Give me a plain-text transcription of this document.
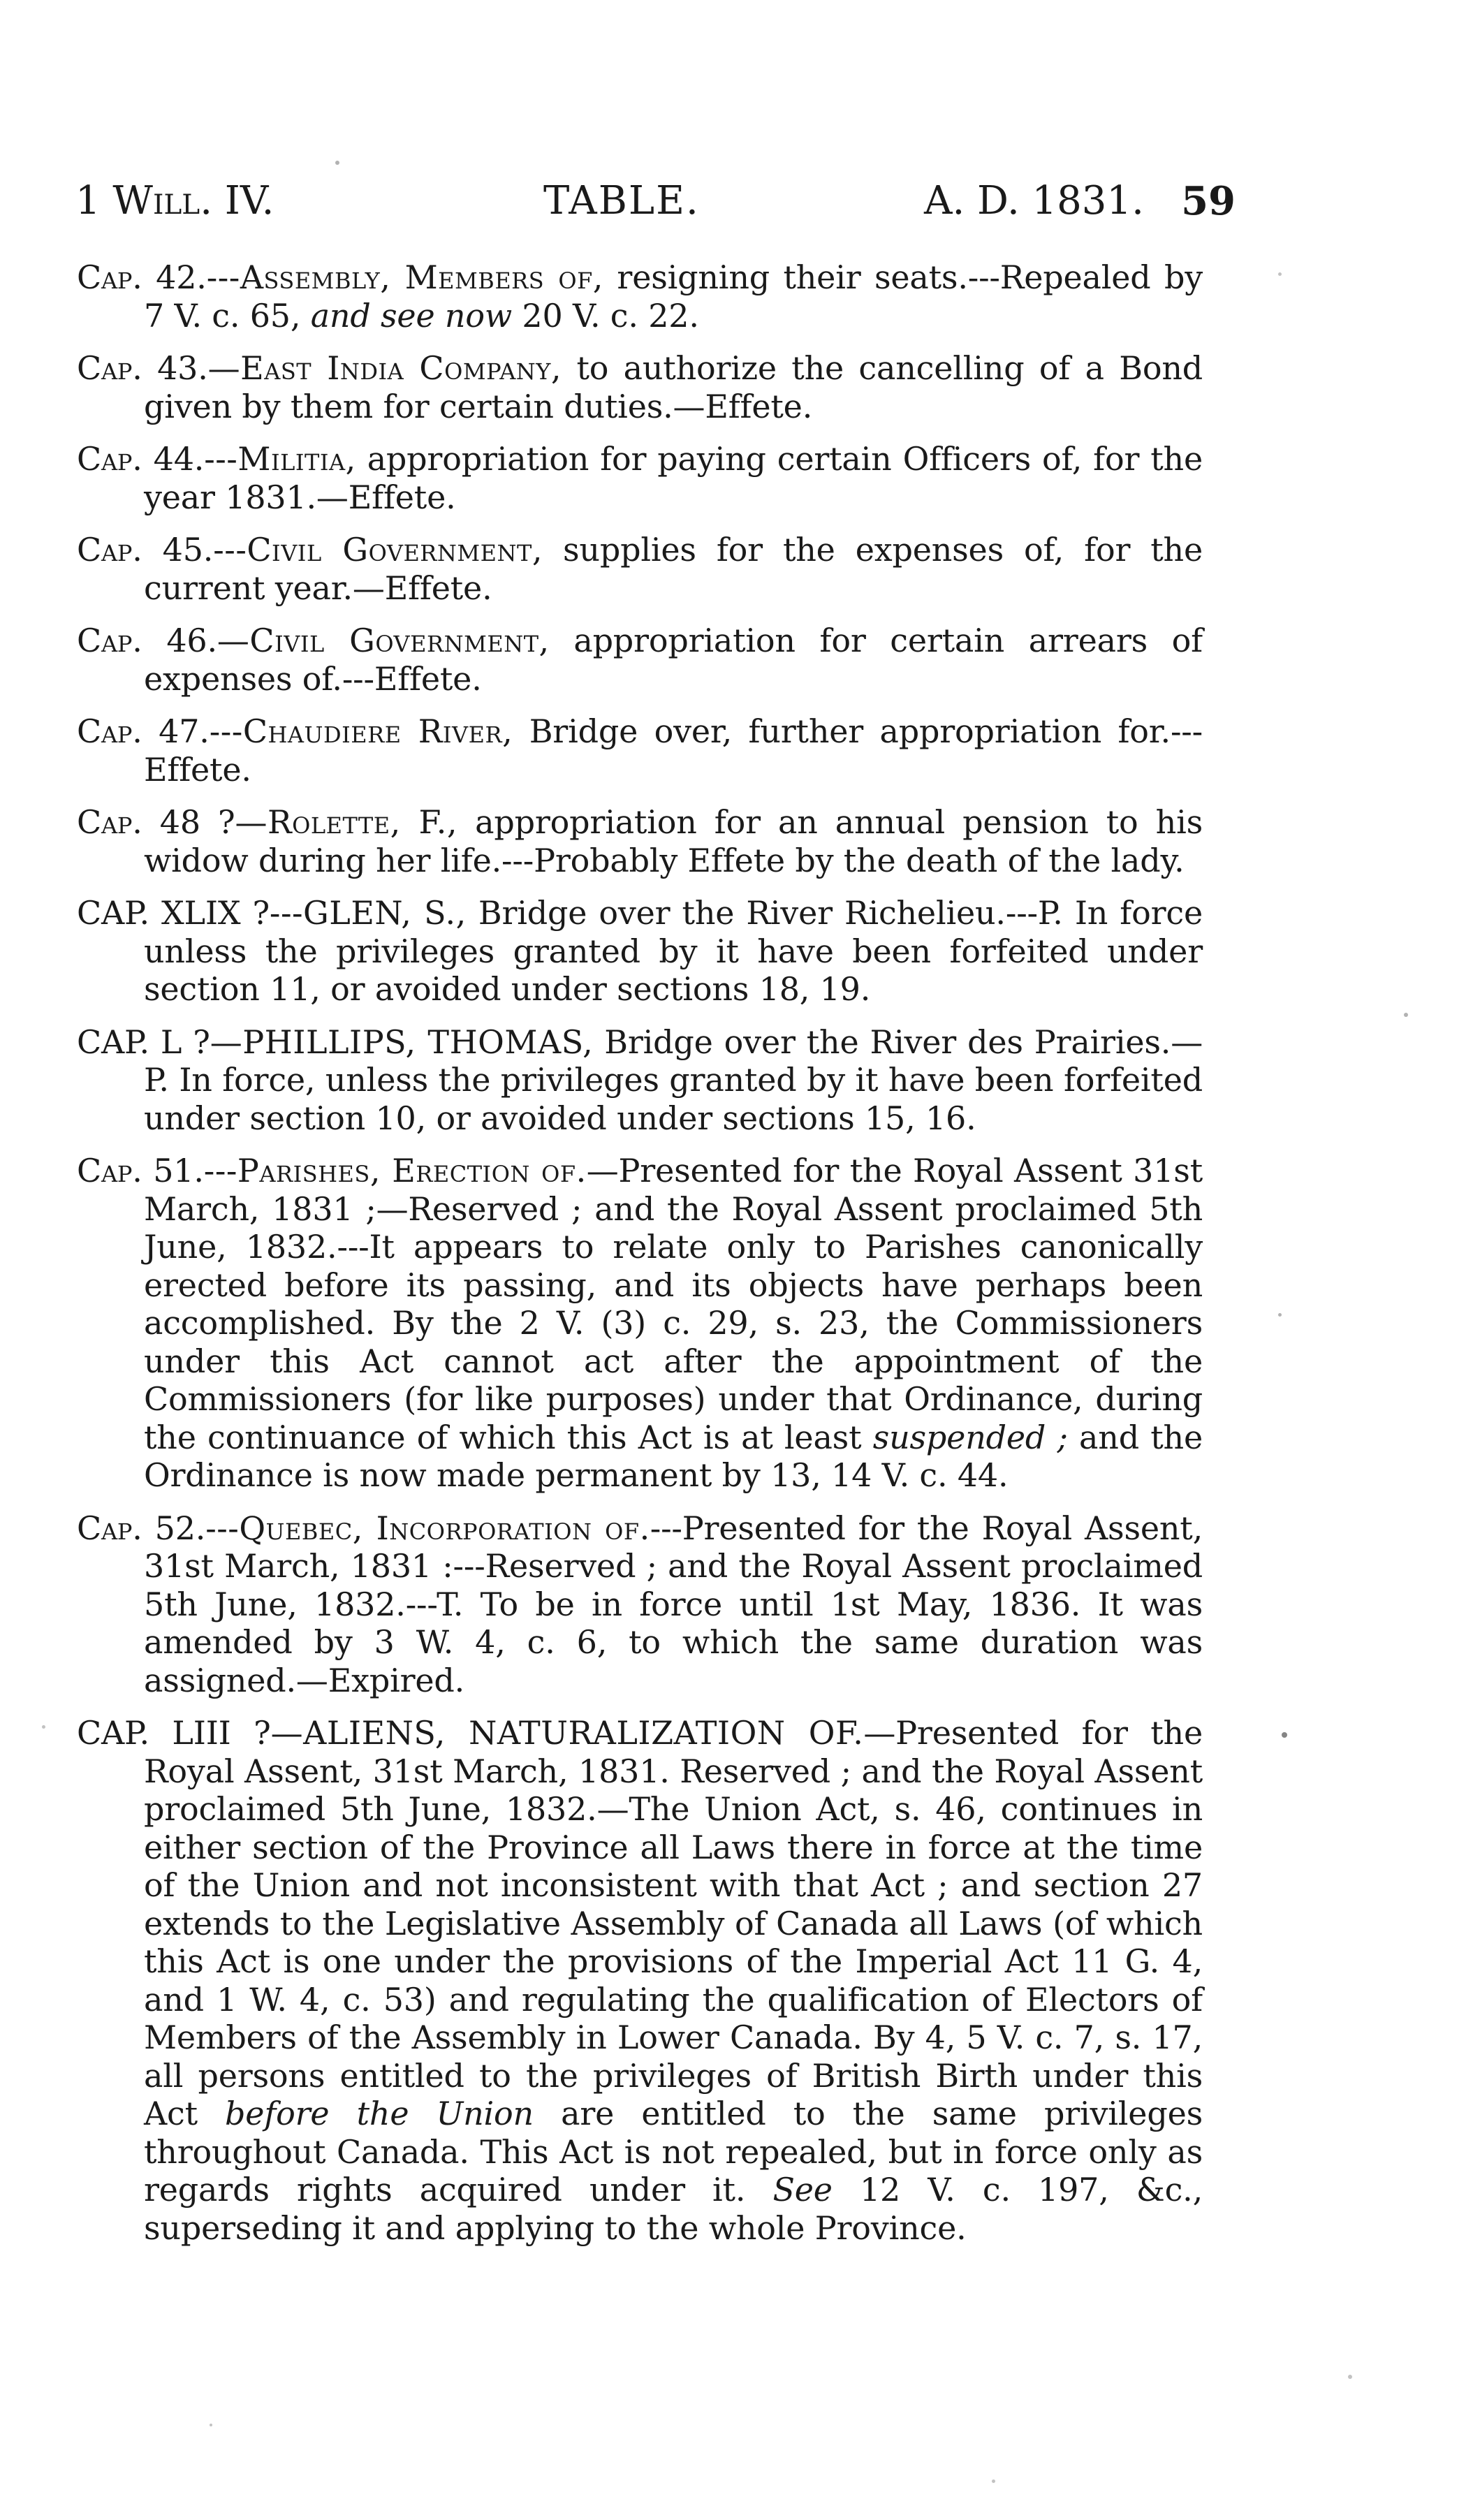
1 Will. IV.	TABLE.	A. D. 1831. 59

Cap. 42.---Assembly, Members of, resigning their seats.---Repealed by 7 V. c. 65, and see now 20 V. c. 22.

Cap. 43.—East India Company, to authorize the cancelling of a Bond given by them for certain duties.—Effete.

Cap. 44.---Militia, appropriation for paying certain Officers of, for the year 1831.—Effete.

Cap. 45.---Civil Government, supplies for the expenses of, for the current year.—Effete.

Cap. 46.—Civil Government, appropriation for certain arrears of expenses of.---Effete.

Cap. 47.---Chaudiere River, Bridge over, further appropriation for.---Effete.

Cap. 48 ?—Rolette, F., appropriation for an annual pension to his widow during her life.---Probably Effete by the death of the lady.

CAP. XLIX ?---GLEN, S., Bridge over the River Richelieu.---P. In force unless the privileges granted by it have been forfeited under section 11, or avoided under sections 18, 19.

CAP. L ?—PHILLIPS, THOMAS, Bridge over the River des Prairies.—P. In force, unless the privileges granted by it have been forfeited under section 10, or avoided under sections 15, 16.

Cap. 51.---Parishes, Erection of.—Presented for the Royal Assent 31st March, 1831 ;—Reserved ; and the Royal Assent proclaimed 5th June, 1832.---It appears to relate only to Parishes canonically erected before its passing, and its objects have perhaps been accomplished. By the 2 V. (3) c. 29, s. 23, the Commissioners under this Act cannot act after the appointment of the Commissioners (for like purposes) under that Ordinance, during the continuance of which this Act is at least suspended ; and the Ordinance is now made permanent by 13, 14 V. c. 44.

Cap. 52.---Quebec, Incorporation of.---Presented for the Royal Assent, 31st March, 1831 :---Reserved ; and the Royal Assent proclaimed 5th June, 1832.---T. To be in force until 1st May, 1836. It was amended by 3 W. 4, c. 6, to which the same duration was assigned.—Expired.

CAP. LIII ?—ALIENS, NATURALIZATION OF.—Presented for the Royal Assent, 31st March, 1831. Reserved ; and the Royal Assent proclaimed 5th June, 1832.—The Union Act, s. 46, continues in either section of the Province all Laws there in force at the time of the Union and not inconsistent with that Act ; and section 27 extends to the Legislative Assembly of Canada all Laws (of which this Act is one under the provisions of the Imperial Act 11 G. 4, and 1 W. 4, c. 53) and regulating the qualification of Electors of Members of the Assembly in Lower Canada. By 4, 5 V. c. 7, s. 17, all persons entitled to the privileges of British Birth under this Act before the Union are entitled to the same privileges throughout Canada. This Act is not repealed, but in force only as regards rights acquired under it. See 12 V. c. 197, &c., superseding it and applying to the whole Province.
